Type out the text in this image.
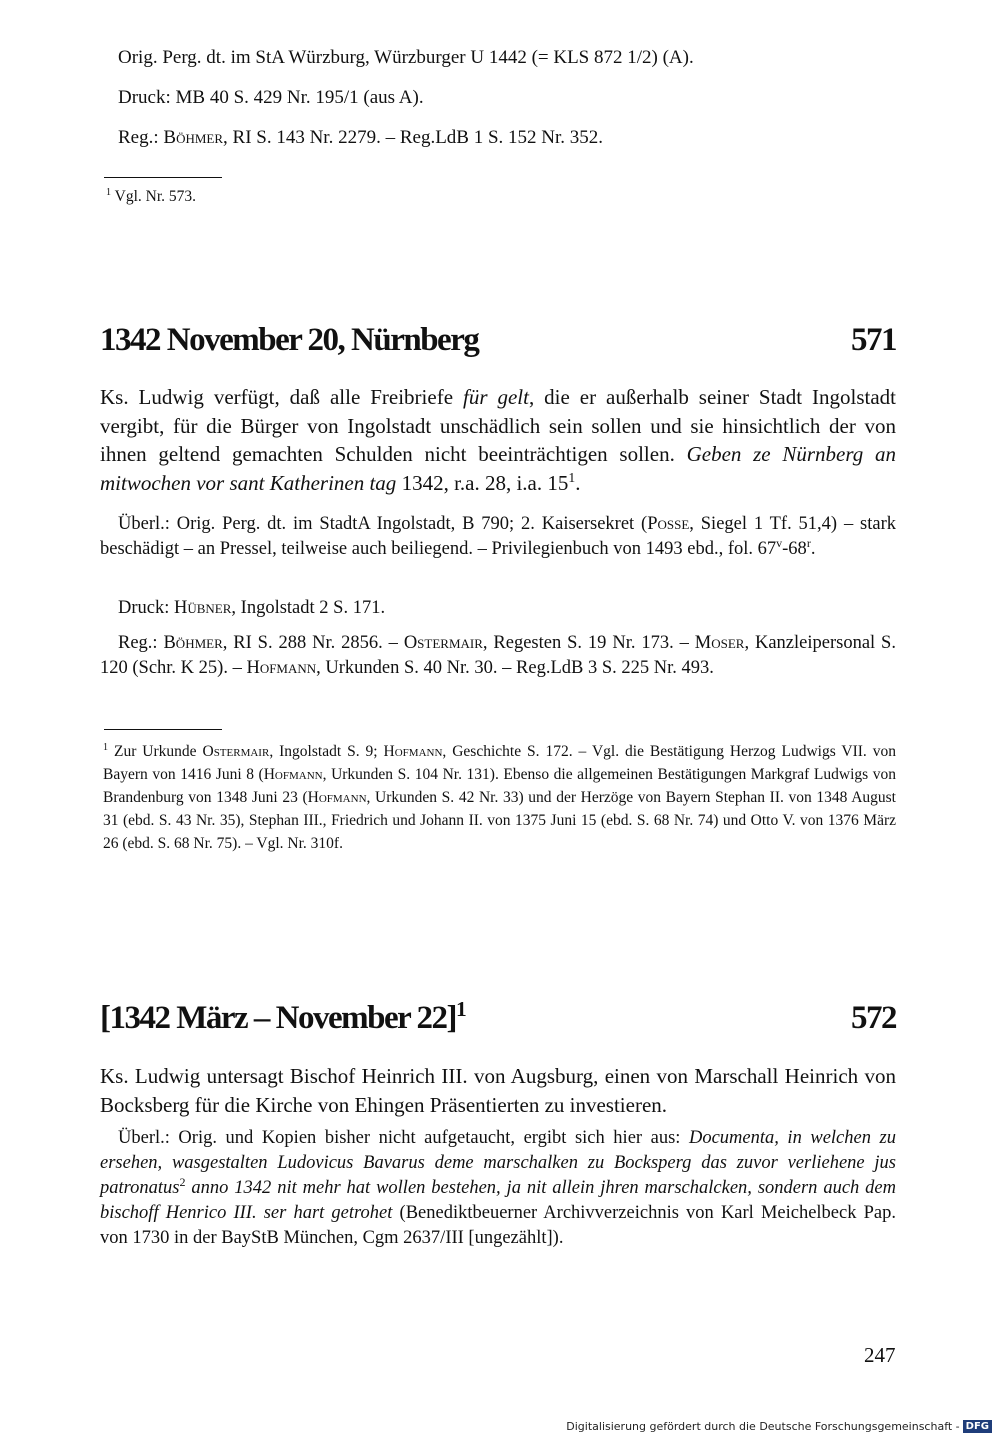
Orig. Perg. dt. im StA Würzburg, Würzburger U 1442 (= KLS 872 1/2) (A).
Druck: MB 40 S. 429 Nr. 195/1 (aus A).
Reg.: Böhmer, RI S. 143 Nr. 2279. – Reg.LdB 1 S. 152 Nr. 352.
$^1$ Vgl. Nr. 573.
1342 November 20, Nürnberg	571

Ks. Ludwig verfügt, daß alle Freibriefe für gelt, die er außerhalb seiner Stadt Ingolstadt vergibt, für die Bürger von Ingolstadt unschädlich sein sollen und sie hinsichtlich der von ihnen geltend gemachten Schulden nicht beeinträchtigen sollen. Geben ze Nürnberg an mitwochen vor sant Katherinen tag 1342, r.a. 28, i.a. $15^1$.

Überl.: Orig. Perg. dt. im StadtA Ingolstadt, B 790; 2. Kaisersekret (Posse, Siegel 1 Tf. 51,4) – stark beschädigt – an Pressel, teilweise auch beiliegend. – Privilegienbuch von 1493 ebd., fol. 67$^v$-68$^r$.

Druck: Hübner, Ingolstadt 2 S. 171.

Reg.: Böhmer, RI S. 288 Nr. 2856. – Ostermair, Regesten S. 19 Nr. 173. – Moser, Kanzleipersonal S. 120 (Schr. K 25). – Hofmann, Urkunden S. 40 Nr. 30. – Reg.LdB 3 S. 225 Nr. 493.

$^1$ Zur Urkunde Ostermair, Ingolstadt S. 9; Hofmann, Geschichte S. 172. – Vgl. die Bestätigung Herzog Ludwigs VII. von Bayern von 1416 Juni 8 (Hofmann, Urkunden S. 104 Nr. 131). Ebenso die allgemeinen Bestätigungen Markgraf Ludwigs von Brandenburg von 1348 Juni 23 (Hofmann, Urkunden S. 42 Nr. 33) und der Herzöge von Bayern Stephan II. von 1348 August 31 (ebd. S. 43 Nr. 35), Stephan III., Friedrich und Johann II. von 1375 Juni 15 (ebd. S. 68 Nr. 74) und Otto V. von 1376 März 26 (ebd. S. 68 Nr. 75). – Vgl. Nr. 310f.

[1342 März – November 22]$^1$	572

Ks. Ludwig untersagt Bischof Heinrich III. von Augsburg, einen von Marschall Heinrich von Bocksberg für die Kirche von Ehingen Präsentierten zu investieren.

Überl.: Orig. und Kopien bisher nicht aufgetaucht, ergibt sich hier aus: Documenta, in welchen zu ersehen, wasgestalten Ludovicus Bavarus deme marschalken zu Bocksperg das zuvor verliehene jus patronatus$^2$ anno 1342 nit mehr hat wollen bestehen, ja nit allein jhren marschalcken, sondern auch dem bischoff Henrico III. ser hart getrohet (Benediktbeuerner Archivverzeichnis von Karl Meichelbeck Pap. von 1730 in der BayStB München, Cgm 2637/III [ungezählt]).

247
Digitalisierung gefördert durch die Deutsche Forschungsgemeinschaft - DFG
